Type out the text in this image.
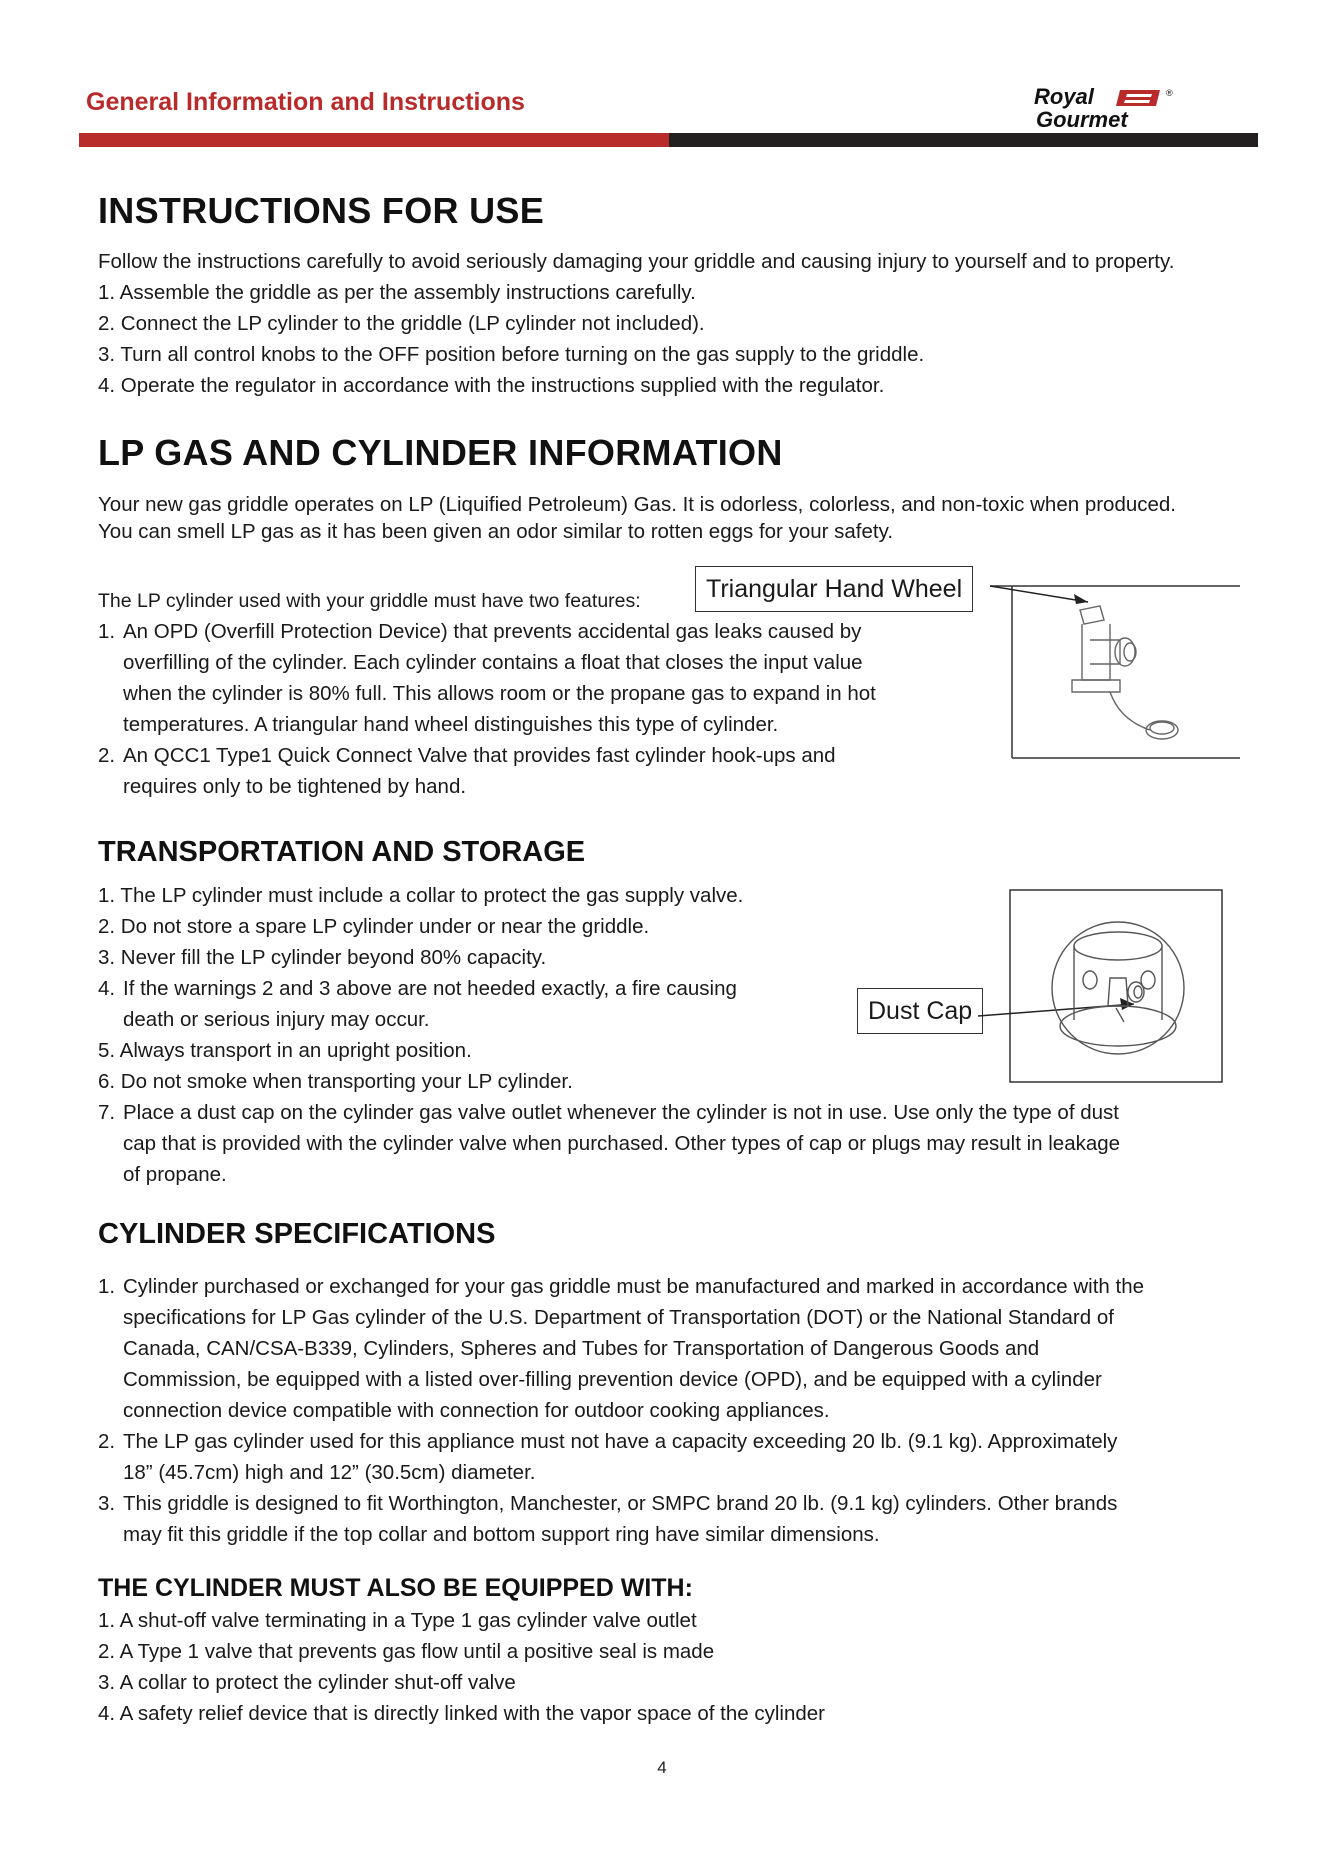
General Information and Instructions	Royal	®
Gourmet
INSTRUCTIONS FOR USE
Follow the instructions carefully to avoid seriously damaging your griddle and causing injury to yourself and to property.
1. Assemble the griddle as per the assembly instructions carefully.
2. Connect the LP cylinder to the griddle (LP cylinder not included).
3. Turn all control knobs to the OFF position before turning on the gas supply to the griddle.
4. Operate the regulator in accordance with the instructions supplied with the regulator.
LP GAS AND CYLINDER INFORMATION
Your new gas griddle operates on LP (Liquified Petroleum) Gas. It is odorless, colorless, and non-toxic when produced.
You can smell LP gas as it has been given an odor similar to rotten eggs for your safety.
The LP cylinder used with your griddle must have two features:	Triangular Hand Wheel
1. An OPD (Overfill Protection Device) that prevents accidental gas leaks caused by
overfilling of the cylinder. Each cylinder contains a float that closes the input value
when the cylinder is 80% full. This allows room or the propane gas to expand in hot
temperatures. A triangular hand wheel distinguishes this type of cylinder.
2. An QCC1 Type1 Quick Connect Valve that provides fast cylinder hook-ups and
requires only to be tightened by hand.
TRANSPORTATION AND STORAGE
1. The LP cylinder must include a collar to protect the gas supply valve.
2. Do not store a spare LP cylinder under or near the griddle.
3. Never fill the LP cylinder beyond 80% capacity.
4. If the warnings 2 and 3 above are not heeded exactly, a fire causing
death or serious injury may occur.
5. Always transport in an upright position.
6. Do not smoke when transporting your LP cylinder.
7. Place a dust cap on the cylinder gas valve outlet whenever the cylinder is not in use. Use only the type of dust
cap that is provided with the cylinder valve when purchased. Other types of cap or plugs may result in leakage
of propane.
Dust Cap
CYLINDER SPECIFICATIONS
1. Cylinder purchased or exchanged for your gas griddle must be manufactured and marked in accordance with the
specifications for LP Gas cylinder of the U.S. Department of Transportation (DOT) or the National Standard of
Canada, CAN/CSA-B339, Cylinders, Spheres and Tubes for Transportation of Dangerous Goods and
Commission, be equipped with a listed over-filling prevention device (OPD), and be equipped with a cylinder
connection device compatible with connection for outdoor cooking appliances.
2. The LP gas cylinder used for this appliance must not have a capacity exceeding 20 lb. (9.1 kg). Approximately
18” (45.7cm) high and 12” (30.5cm) diameter.
3. This griddle is designed to fit Worthington, Manchester, or SMPC brand 20 lb. (9.1 kg) cylinders. Other brands
may fit this griddle if the top collar and bottom support ring have similar dimensions.
THE CYLINDER MUST ALSO BE EQUIPPED WITH:
1. A shut-off valve terminating in a Type 1 gas cylinder valve outlet
2. A Type 1 valve that prevents gas flow until a positive seal is made
3. A collar to protect the cylinder shut-off valve
4. A safety relief device that is directly linked with the vapor space of the cylinder
4
